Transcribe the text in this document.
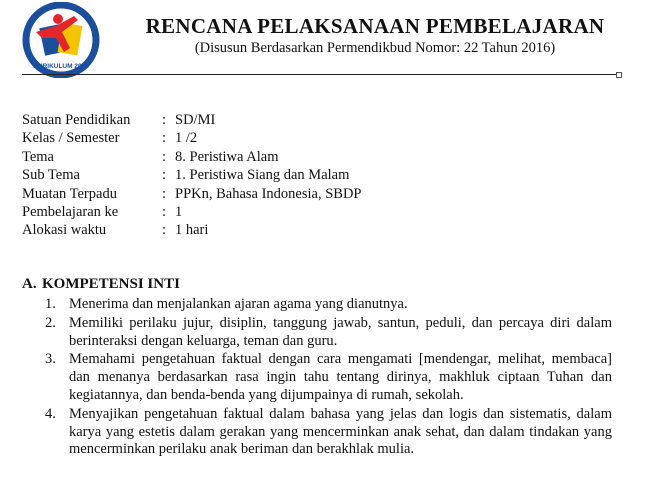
KURIKULUM 2013
RENCANA PELAKSANAAN PEMBELAJARAN
(Disusun Berdasarkan Permendikbud Nomor: 22 Tahun 2016)
Satuan Pendidikan	: SD/MI
Kelas / Semester	: 1 /2
Tema	: 8. Peristiwa Alam
Sub Tema	: 1. Peristiwa Siang dan Malam
Muatan Terpadu	: PPKn, Bahasa Indonesia, SBDP
Pembelajaran ke	: 1
Alokasi waktu	: 1 hari
A. KOMPETENSI INTI
1. Menerima dan menjalankan ajaran agama yang dianutnya.
2. Memiliki perilaku jujur, disiplin, tanggung jawab, santun, peduli, dan percaya diri dalam berinteraksi dengan keluarga, teman dan guru.
3. Memahami pengetahuan faktual dengan cara mengamati [mendengar, melihat, membaca] dan menanya berdasarkan rasa ingin tahu tentang dirinya, makhluk ciptaan Tuhan dan kegiatannya, dan benda-benda yang dijumpainya di rumah, sekolah.
4. Menyajikan pengetahuan faktual dalam bahasa yang jelas dan logis dan sistematis, dalam karya yang estetis dalam gerakan yang mencerminkan anak sehat, dan dalam tindakan yang mencerminkan perilaku anak beriman dan berakhlak mulia.
